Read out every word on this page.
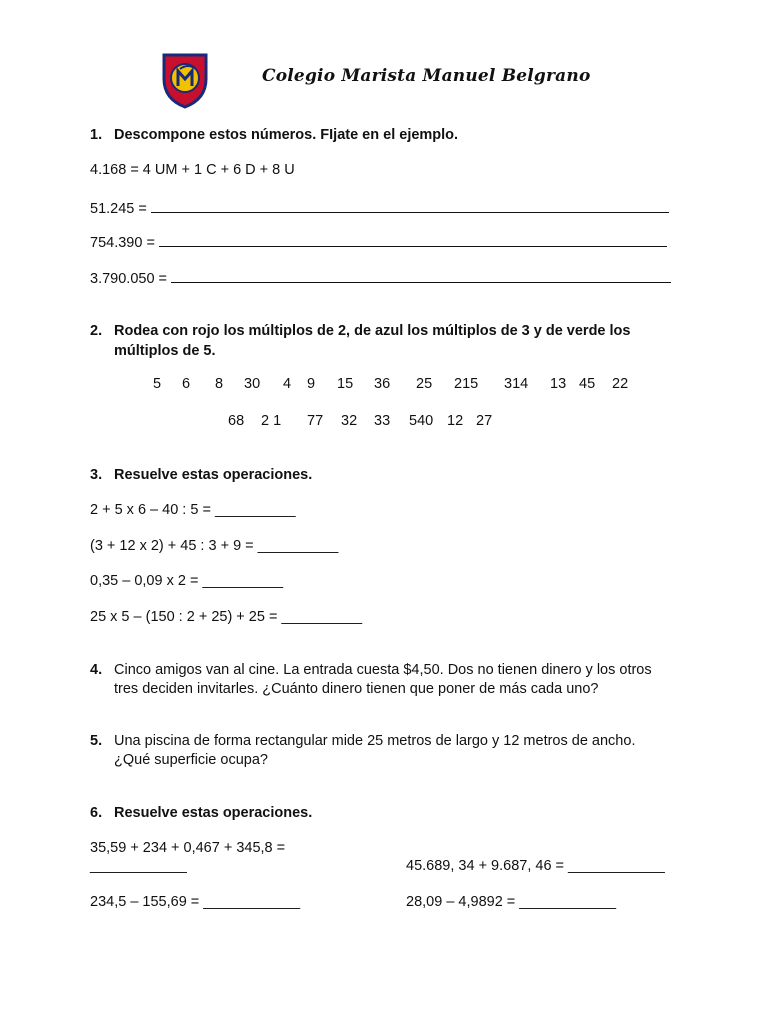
Colegio Marista Manuel Belgrano
1. Descompone estos números. FIjate en el ejemplo.
4.168 = 4 UM + 1 C + 6 D + 8 U
51.245 =
754.390 =
3.790.050 =
2. Rodea con rojo los múltiplos de 2, de azul los múltiplos de 3 y de verde los
múltiplos de 5.
5 6 8 30 4 9 15 36 25 215 314 13 45 22
68 2 1 77 32 33 540 12 27
3. Resuelve estas operaciones.
2 + 5 x 6 – 40 : 5 = __________
(3 + 12 x 2) + 45 : 3 + 9 = __________
0,35 – 0,09 x 2 = __________
25 x 5 – (150 : 2 + 25) + 25 = __________
4. Cinco amigos van al cine. La entrada cuesta $4,50. Dos no tienen dinero y los otros
tres deciden invitarles. ¿Cuánto dinero tienen que poner de más cada uno?
5. Una piscina de forma rectangular mide 25 metros de largo y 12 metros de ancho.
¿Qué superficie ocupa?
6. Resuelve estas operaciones.
35,59 + 234 + 0,467 + 345,8 =
____________	45.689, 34 + 9.687, 46 = ____________
234,5 – 155,69 = ____________	28,09 – 4,9892 = ____________
